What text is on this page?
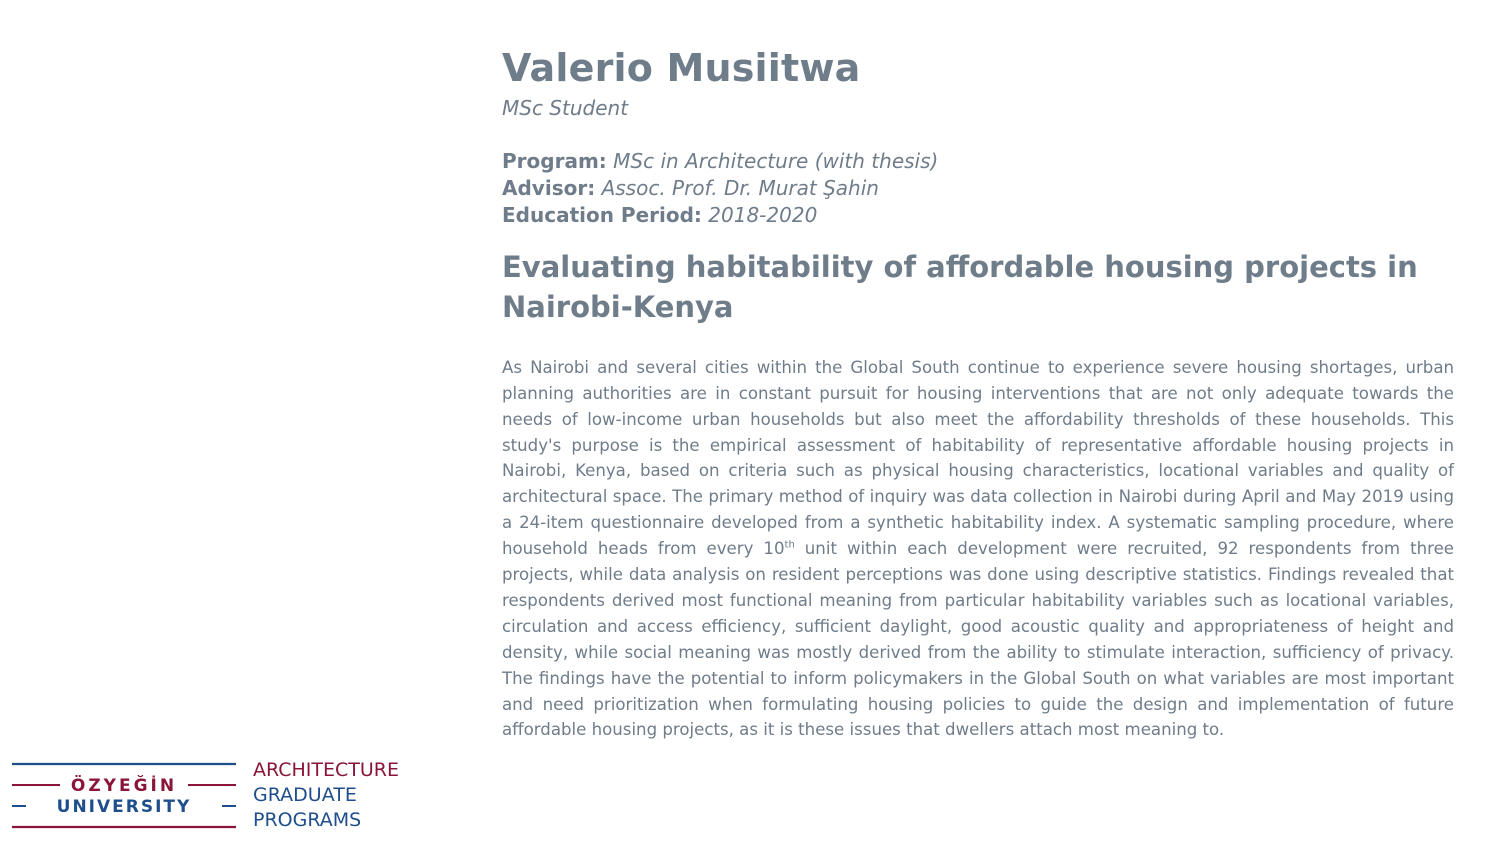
Valerio Musiitwa

MSc Student

Program: MSc in Architecture (with thesis)
Advisor: Assoc. Prof. Dr. Murat Şahin
Education Period: 2018-2020
Evaluating habitability of affordable housing projects in Nairobi-Kenya
As Nairobi and several cities within the Global South continue to experience severe housing shortages, urban planning authorities are in constant pursuit for housing interventions that are not only adequate towards the needs of low-income urban households but also meet the affordability thresholds of these households. This study's purpose is the empirical assessment of habitability of representative affordable housing projects in Nairobi, Kenya, based on criteria such as physical housing characteristics, locational variables and quality of architectural space. The primary method of inquiry was data collection in Nairobi during April and May 2019 using a 24-item questionnaire developed from a synthetic habitability index. A systematic sampling procedure, where household heads from every 10th unit within each development were recruited, 92 respondents from three projects, while data analysis on resident perceptions was done using descriptive statistics. Findings revealed that respondents derived most functional meaning from particular habitability variables such as locational variables, circulation and access efficiency, sufficient daylight, good acoustic quality and appropriateness of height and density, while social meaning was mostly derived from the ability to stimulate interaction, sufficiency of privacy. The findings have the potential to inform policymakers in the Global South on what variables are most important and need prioritization when formulating housing policies to guide the design and implementation of future affordable housing projects, as it is these issues that dwellers attach most meaning to.
ÖZYEĞİN
UNIVERSITY
ARCHITECTURE
GRADUATE
PROGRAMS
